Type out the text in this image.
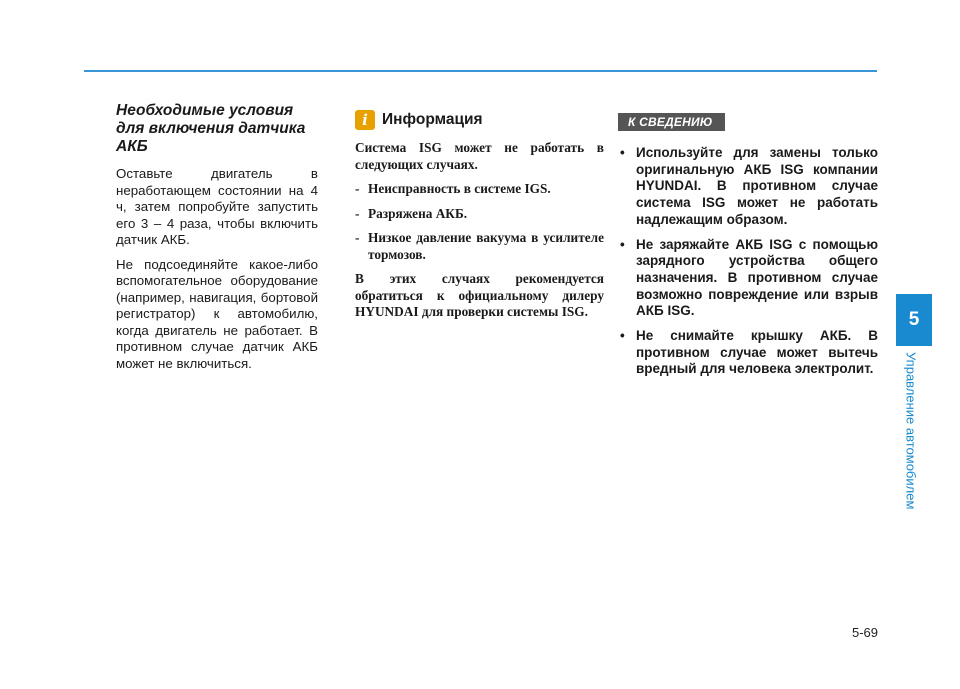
Необходимые условия для включения датчика АКБ

Оставьте двигатель в неработающем состоянии на 4 ч, затем попробуйте запустить его 3 – 4 раза, чтобы включить датчик АКБ.

Не подсоединяйте какое-либо вспомогательное оборудование (например, навигация, бортовой регистратор) к автомобилю, когда двигатель не работает. В противном случае датчик АКБ может не включиться.

i Информация

Система ISG может не работать в следующих случаях.

- Неисправность в системе IGS.
- Разряжена АКБ.
- Низкое давление вакуума в усилителе тормозов.

В этих случаях рекомендуется обратиться к официальному дилеру HYUNDAI для проверки системы ISG.

К СВЕДЕНИЮ
• Используйте для замены только оригинальную АКБ ISG компании HYUNDAI. В противном случае система ISG может не работать надлежащим образом.
• Не заряжайте АКБ ISG с помощью зарядного устройства общего назначения. В противном случае возможно повреждение или взрыв АКБ ISG.
• Не снимайте крышку АКБ. В противном случае может вытечь вредный для человека электролит.
5
Управление автомобилем
5-69
